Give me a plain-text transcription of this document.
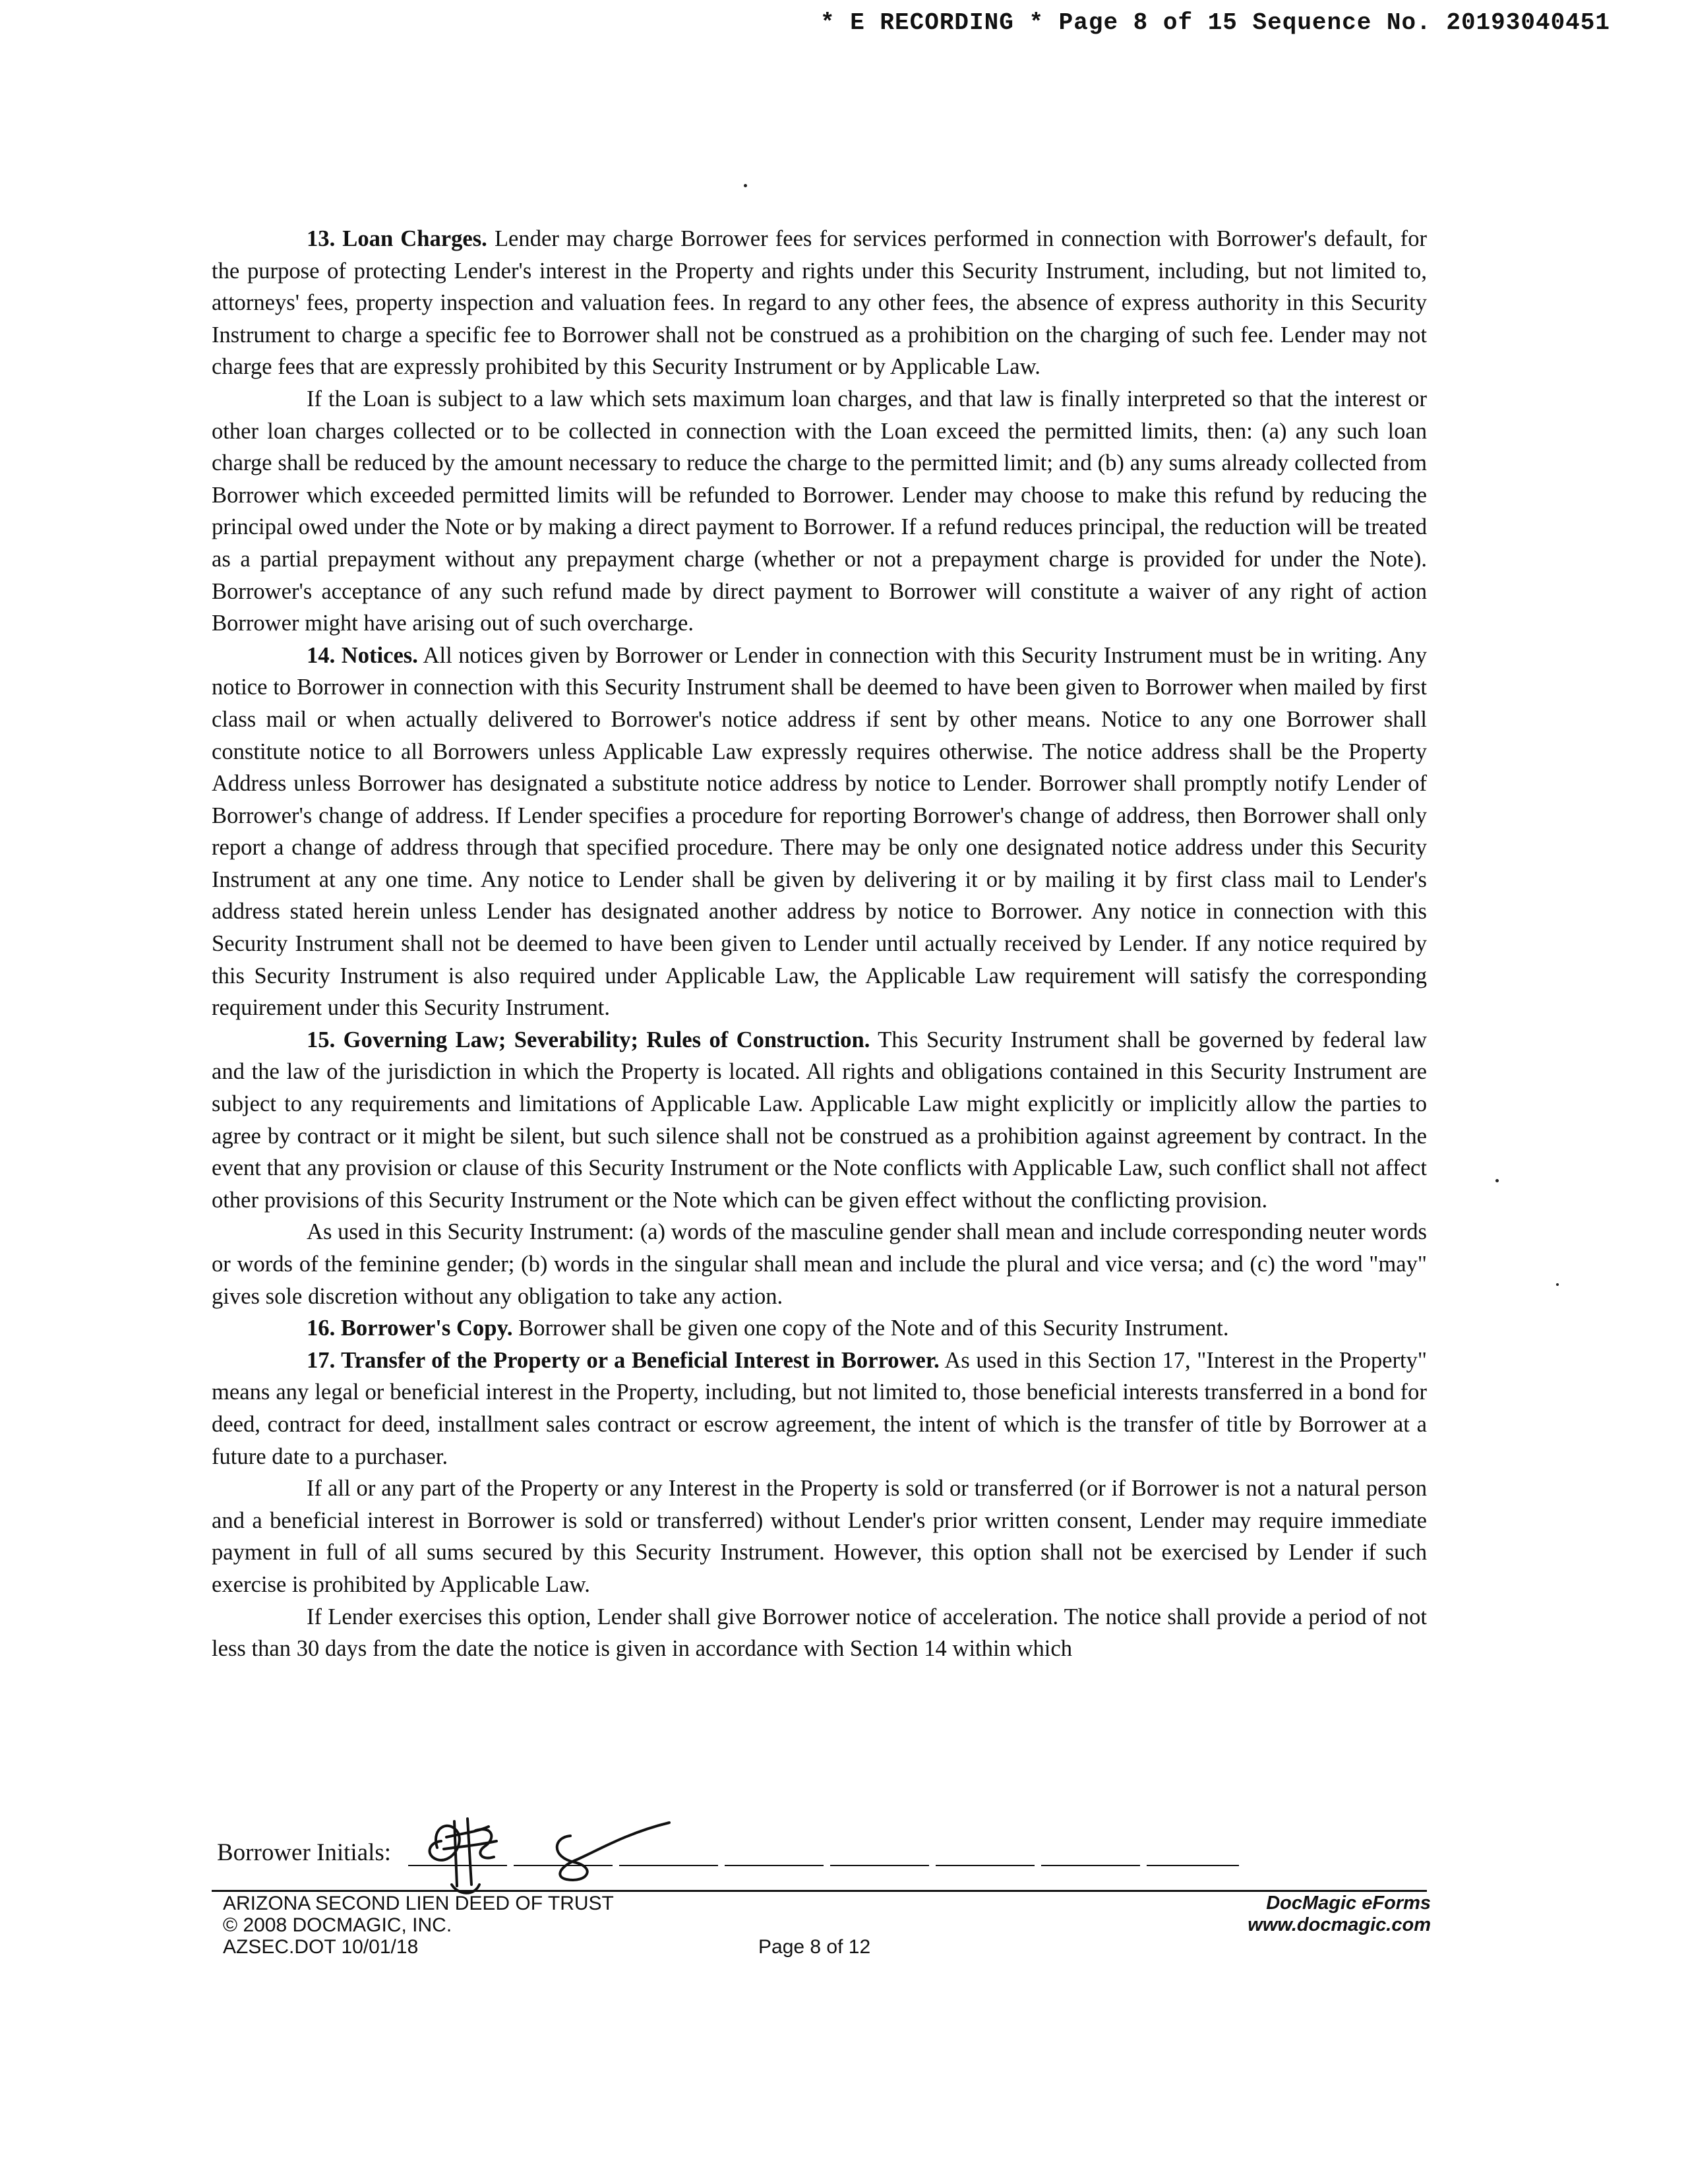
* E RECORDING * Page 8 of 15 Sequence No. 20193040451

13. Loan Charges. Lender may charge Borrower fees for services performed in connection with Borrower's default, for the purpose of protecting Lender's interest in the Property and rights under this Security Instrument, including, but not limited to, attorneys' fees, property inspection and valuation fees. In regard to any other fees, the absence of express authority in this Security Instrument to charge a specific fee to Borrower shall not be construed as a prohibition on the charging of such fee. Lender may not charge fees that are expressly prohibited by this Security Instrument or by Applicable Law.

If the Loan is subject to a law which sets maximum loan charges, and that law is finally interpreted so that the interest or other loan charges collected or to be collected in connection with the Loan exceed the permitted limits, then: (a) any such loan charge shall be reduced by the amount necessary to reduce the charge to the permitted limit; and (b) any sums already collected from Borrower which exceeded permitted limits will be refunded to Borrower. Lender may choose to make this refund by reducing the principal owed under the Note or by making a direct payment to Borrower. If a refund reduces principal, the reduction will be treated as a partial prepayment without any prepayment charge (whether or not a prepayment charge is provided for under the Note). Borrower's acceptance of any such refund made by direct payment to Borrower will constitute a waiver of any right of action Borrower might have arising out of such overcharge.

14. Notices. All notices given by Borrower or Lender in connection with this Security Instrument must be in writing. Any notice to Borrower in connection with this Security Instrument shall be deemed to have been given to Borrower when mailed by first class mail or when actually delivered to Borrower's notice address if sent by other means. Notice to any one Borrower shall constitute notice to all Borrowers unless Applicable Law expressly requires otherwise. The notice address shall be the Property Address unless Borrower has designated a substitute notice address by notice to Lender. Borrower shall promptly notify Lender of Borrower's change of address. If Lender specifies a procedure for reporting Borrower's change of address, then Borrower shall only report a change of address through that specified procedure. There may be only one designated notice address under this Security Instrument at any one time. Any notice to Lender shall be given by delivering it or by mailing it by first class mail to Lender's address stated herein unless Lender has designated another address by notice to Borrower. Any notice in connection with this Security Instrument shall not be deemed to have been given to Lender until actually received by Lender. If any notice required by this Security Instrument is also required under Applicable Law, the Applicable Law requirement will satisfy the corresponding requirement under this Security Instrument.

15. Governing Law; Severability; Rules of Construction. This Security Instrument shall be governed by federal law and the law of the jurisdiction in which the Property is located. All rights and obligations contained in this Security Instrument are subject to any requirements and limitations of Applicable Law. Applicable Law might explicitly or implicitly allow the parties to agree by contract or it might be silent, but such silence shall not be construed as a prohibition against agreement by contract. In the event that any provision or clause of this Security Instrument or the Note conflicts with Applicable Law, such conflict shall not affect other provisions of this Security Instrument or the Note which can be given effect without the conflicting provision.

As used in this Security Instrument: (a) words of the masculine gender shall mean and include corresponding neuter words or words of the feminine gender; (b) words in the singular shall mean and include the plural and vice versa; and (c) the word "may" gives sole discretion without any obligation to take any action.

16. Borrower's Copy. Borrower shall be given one copy of the Note and of this Security Instrument.

17. Transfer of the Property or a Beneficial Interest in Borrower. As used in this Section 17, "Interest in the Property" means any legal or beneficial interest in the Property, including, but not limited to, those beneficial interests transferred in a bond for deed, contract for deed, installment sales contract or escrow agreement, the intent of which is the transfer of title by Borrower at a future date to a purchaser.

If all or any part of the Property or any Interest in the Property is sold or transferred (or if Borrower is not a natural person and a beneficial interest in Borrower is sold or transferred) without Lender's prior written consent, Lender may require immediate payment in full of all sums secured by this Security Instrument. However, this option shall not be exercised by Lender if such exercise is prohibited by Applicable Law.

If Lender exercises this option, Lender shall give Borrower notice of acceleration. The notice shall provide a period of not less than 30 days from the date the notice is given in accordance with Section 14 within which

Borrower Initials:
ARIZONA SECOND LIEN DEED OF TRUST
© 2008 DOCMAGIC, INC.
AZSEC.DOT 10/01/18	Page 8 of 12
DocMagic eForms
www.docmagic.com
